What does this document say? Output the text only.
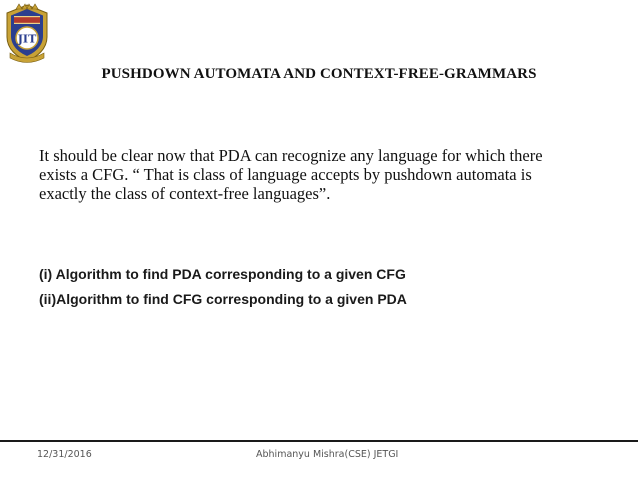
JIT
PUSHDOWN AUTOMATA AND CONTEXT-FREE-GRAMMARS
It should be clear now that PDA can recognize any language for which there
exists a CFG. “ That is class of language accepts by pushdown automata is
exactly the class of context-free languages”.
(i) Algorithm to find PDA corresponding to a given CFG
(ii)Algorithm to find CFG corresponding to a given PDA
12/31/2016	Abhimanyu Mishra(CSE) JETGI
